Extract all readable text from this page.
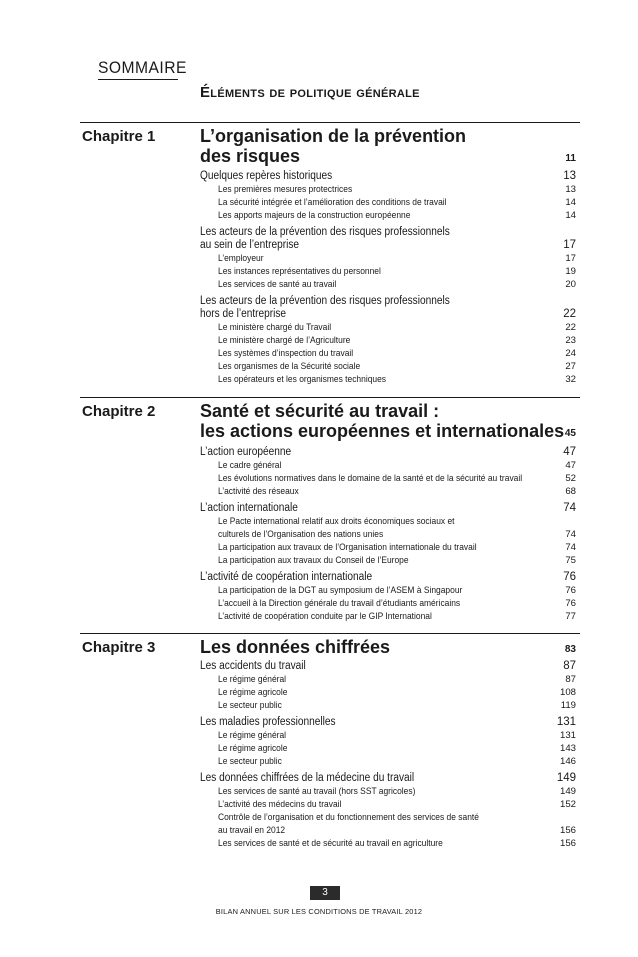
SOMMAIRE
Éléments de politique générale
Chapitre 1 L’organisation de la prévention
des risques	11
Quelques repères historiques	13
Les premières mesures protectrices	13
La sécurité intégrée et l’amélioration des conditions de travail	14
Les apports majeurs de la construction européenne	14
Les acteurs de la prévention des risques professionnels
au sein de l’entreprise	17
L’employeur	17
Les instances représentatives du personnel	19
Les services de santé au travail	20
Les acteurs de la prévention des risques professionnels
hors de l’entreprise	22
Le ministère chargé du Travail	22
Le ministère chargé de l’Agriculture	23
Les systèmes d’inspection du travail	24
Les organismes de la Sécurité sociale	27
Les opérateurs et les organismes techniques	32
Chapitre 2 Santé et sécurité au travail :
les actions européennes et internationales 45
L’action européenne	47
Le cadre général	47
Les évolutions normatives dans le domaine de la santé et de la sécurité au travail	52
L’activité des réseaux	68
L’action internationale	74
Le Pacte international relatif aux droits économiques sociaux et
culturels de l’Organisation des nations unies	74
La participation aux travaux de l’Organisation internationale du travail	74
La participation aux travaux du Conseil de l’Europe	75
L’activité de coopération internationale	76
La participation de la DGT au symposium de l’ASEM à Singapour	76
L’accueil à la Direction générale du travail d’étudiants américains	76
L’activité de coopération conduite par le GIP International	77
Chapitre 3 Les données chiffrées	83
Les accidents du travail	87
Le régime général	87
Le régime agricole	108
Le secteur public	119
Les maladies professionnelles	131
Le régime général	131
Le régime agricole	143
Le secteur public	146
Les données chiffrées de la médecine du travail	149
Les services de santé au travail (hors SST agricoles)	149
L’activité des médecins du travail	152
Contrôle de l’organisation et du fonctionnement des services de santé
au travail en 2012	156
Les services de santé et de sécurité au travail en agriculture	156
3
BILAN ANNUEL SUR LES CONDITIONS DE TRAVAIL 2012
